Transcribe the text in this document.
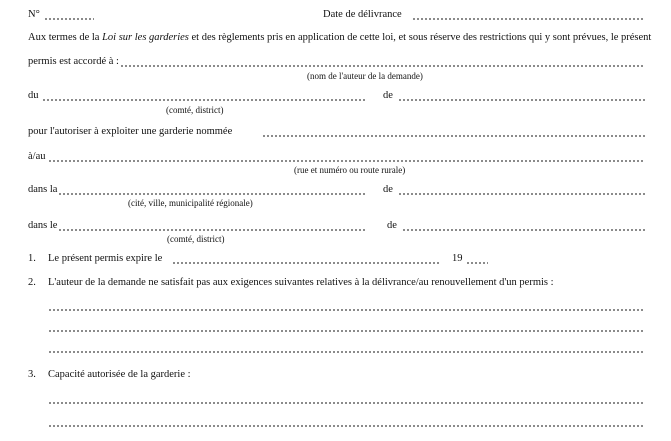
N°	Date de délivrance
Aux termes de la Loi sur les garderies et des règlements pris en application de cette loi, et sous réserve des restrictions qui y sont prévues, le présent
permis est accordé à :
(nom de l'auteur de la demande)
du	de
(comté, district)
pour l'autoriser à exploiter une garderie nommée
à/au
(rue et numéro ou route rurale)
dans la	de
(cité, ville, municipalité régionale)
dans le	de
(comté, district)
1. Le présent permis expire le	19
2. L'auteur de la demande ne satisfait pas aux exigences suivantes relatives à la délivrance/au renouvellement d'un permis :
3. Capacité autorisée de la garderie :
